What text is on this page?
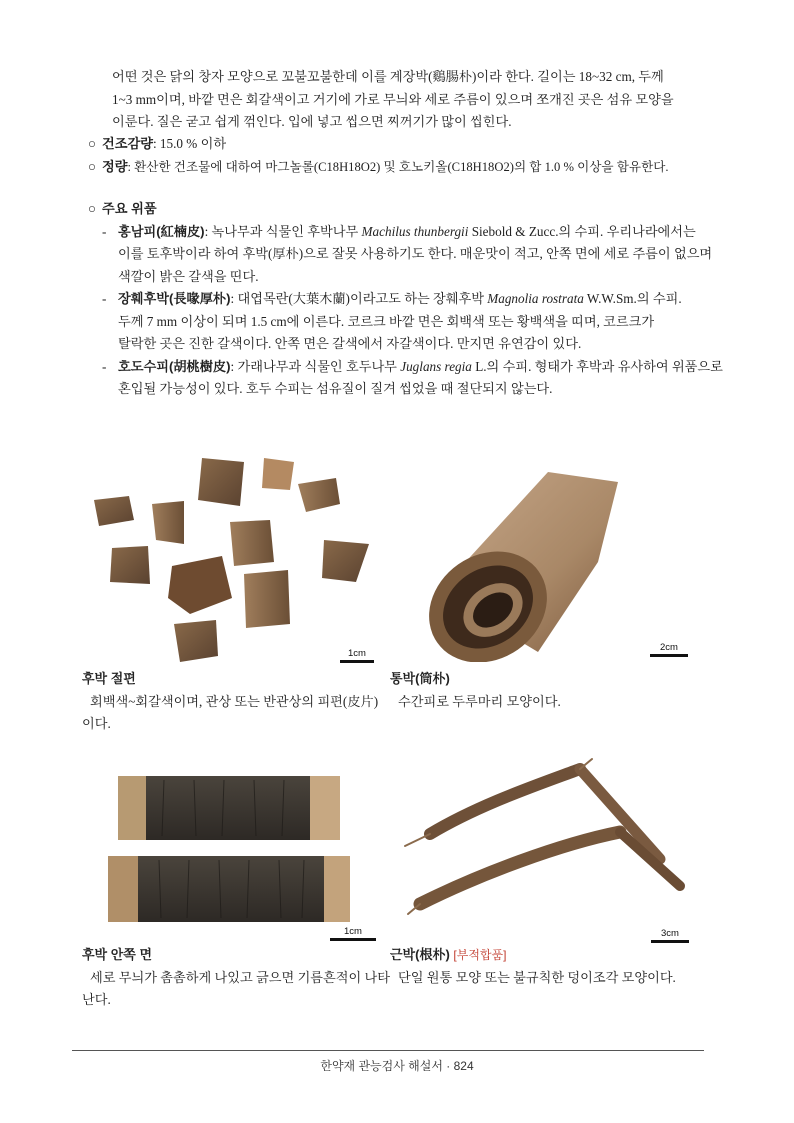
어떤 것은 닭의 창자 모양으로 꼬불꼬불한데 이를 계장박(鷄腸朴)이라 한다. 길이는 18~32 cm, 두께
1~3 mm이며, 바깥 면은 회갈색이고 거기에 가로 무늬와 세로 주름이 있으며 쪼개진 곳은 섬유 모양을
이룬다. 질은 굳고 쉽게 꺾인다. 입에 넣고 씹으면 찌꺼기가 많이 씹힌다.
○ 건조감량: 15.0 % 이하
○ 정량: 환산한 건조물에 대하여 마그놀롤(C18H18O2) 및 호노키올(C18H18O2)의 합 1.0 % 이상을 함유한다.
○ 주요 위품
- 홍남피(紅楠皮): 녹나무과 식물인 후박나무 Machilus thunbergii Siebold & Zucc.의 수피. 우리나라에서는
이를 토후박이라 하여 후박(厚朴)으로 잘못 사용하기도 한다. 매운맛이 적고, 안쪽 면에 세로 주름이 없으며
색깔이 밝은 갈색을 띤다.
- 장훼후박(長喙厚朴): 대엽목란(大葉木蘭)이라고도 하는 장훼후박 Magnolia rostrata W.W.Sm.의 수피.
두께 7 mm 이상이 되며 1.5 cm에 이른다. 코르크 바깥 면은 회백색 또는 황백색을 띠며, 코르크가
탈락한 곳은 진한 갈색이다. 안쪽 면은 갈색에서 자갈색이다. 만지면 유연감이 있다.
- 호도수피(胡桃樹皮): 가래나무과 식물인 호두나무 Juglans regia L.의 수피. 형태가 후박과 유사하여 위품으로
혼입될 가능성이 있다. 호두 수피는 섬유질이 질겨 씹었을 때 절단되지 않는다.
1cm
2cm
후박 절편
회백색~회갈색이며, 관상 또는 반관상의 피편(皮片)
이다.
통박(筒朴)
수간피로 두루마리 모양이다.
1cm	3cm
후박 안쪽 면
세로 무늬가 촘촘하게 나있고 긁으면 기름흔적이 나타
난다.
근박(根朴) [부적합품]
단일 원통 모양 또는 불규칙한 덩이조각 모양이다.
한약재 관능검사 해설서 · 824
